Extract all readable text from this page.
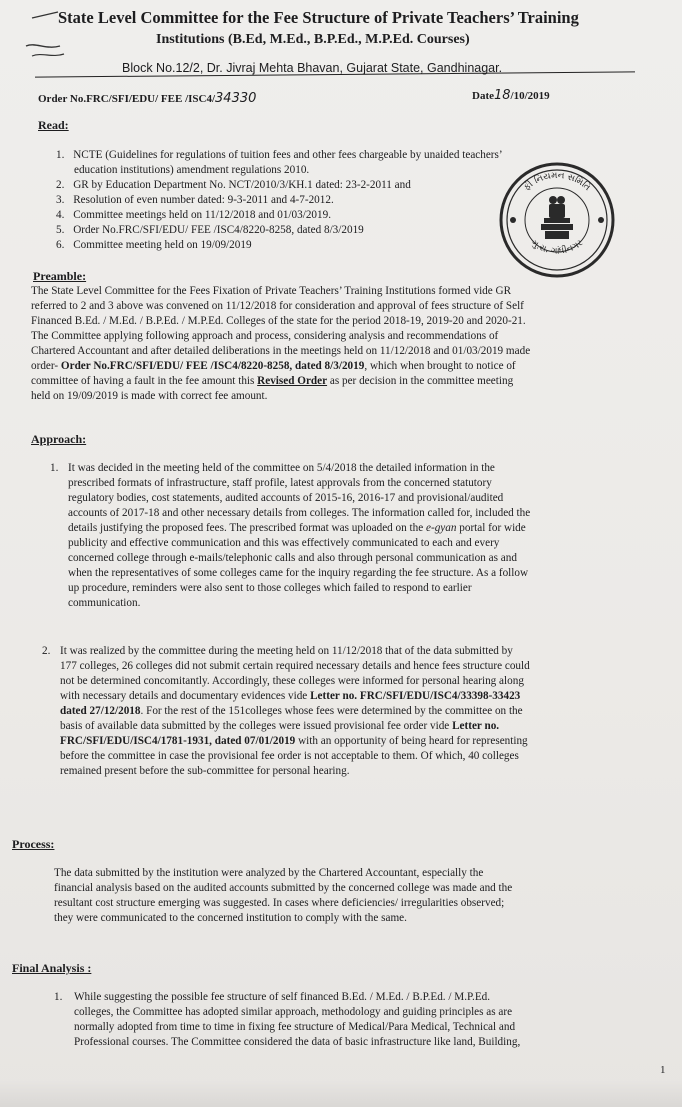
State Level Committee for the Fee Structure of Private Teachers’ Training
Institutions (B.Ed, M.Ed., B.P.Ed., M.P.Ed. Courses)
Block No.12/2, Dr. Jivraj Mehta Bhavan, Gujarat State, Gandhinagar.
Order No.FRC/SFI/EDU/ FEE /ISC4/34330	Date18/10/2019
Read:
1. NCTE (Guidelines for regulations of tuition fees and other fees chargeable by unaided teachers’
education institutions) amendment regulations 2010.
2. GR by Education Department No. NCT/2010/3/KH.1 dated: 23-2-2011 and
3. Resolution of even number dated: 9-3-2011 and 4-7-2012.
4. Committee meetings held on 11/12/2018 and 01/03/2019.
5. Order No.FRC/SFI/EDU/ FEE /ISC4/8220-8258, dated 8/3/2019
6. Committee meeting held on 19/09/2019
ફી નિયમન સમિતિ
ગુ.રા. ગાંધીનગર
Preamble:
The State Level Committee for the Fees Fixation of Private Teachers’ Training Institutions formed vide GR
referred to 2 and 3 above was convened on 11/12/2018 for consideration and approval of fees structure of Self
Financed B.Ed. / M.Ed. / B.P.Ed. / M.P.Ed. Colleges of the state for the period 2018-19, 2019-20 and 2020-21.
The Committee applying following approach and process, considering analysis and recommendations of
Chartered Accountant and after detailed deliberations in the meetings held on 11/12/2018 and 01/03/2019 made
order- Order No.FRC/SFI/EDU/ FEE /ISC4/8220-8258, dated 8/3/2019, which when brought to notice of
committee of having a fault in the fee amount this Revised Order as per decision in the committee meeting
held on 19/09/2019 is made with correct fee amount.
Approach:
1. It was decided in the meeting held of the committee on 5/4/2018 the detailed information in the
prescribed formats of infrastructure, staff profile, latest approvals from the concerned statutory
regulatory bodies, cost statements, audited accounts of 2015-16, 2016-17 and provisional/audited
accounts of 2017-18 and other necessary details from colleges. The information called for, included the
details justifying the proposed fees. The prescribed format was uploaded on the e-gyan portal for wide
publicity and effective communication and this was effectively communicated to each and every
concerned college through e-mails/telephonic calls and also through personal communication as and
when the representatives of some colleges came for the inquiry regarding the fee structure. As a follow
up procedure, reminders were also sent to those colleges which failed to respond to earlier
communication.
2. It was realized by the committee during the meeting held on 11/12/2018 that of the data submitted by
177 colleges, 26 colleges did not submit certain required necessary details and hence fees structure could
not be determined concomitantly. Accordingly, these colleges were informed for personal hearing along
with necessary details and documentary evidences vide Letter no. FRC/SFI/EDU/ISC4/33398-33423
dated 27/12/2018. For the rest of the 151colleges whose fees were determined by the committee on the
basis of available data submitted by the colleges were issued provisional fee order vide Letter no.
FRC/SFI/EDU/ISC4/1781-1931, dated 07/01/2019 with an opportunity of being heard for representing
before the committee in case the provisional fee order is not acceptable to them. Of which, 40 colleges
remained present before the sub-committee for personal hearing.
Process:
The data submitted by the institution were analyzed by the Chartered Accountant, especially the
financial analysis based on the audited accounts submitted by the concerned college was made and the
resultant cost structure emerging was suggested. In cases where deficiencies/ irregularities observed;
they were communicated to the concerned institution to comply with the same.
Final Analysis :
1. While suggesting the possible fee structure of self financed B.Ed. / M.Ed. / B.P.Ed. / M.P.Ed.
colleges, the Committee has adopted similar approach, methodology and guiding principles as are
normally adopted from time to time in fixing fee structure of Medical/Para Medical, Technical and
Professional courses. The Committee considered the data of basic infrastructure like land, Building,
1
